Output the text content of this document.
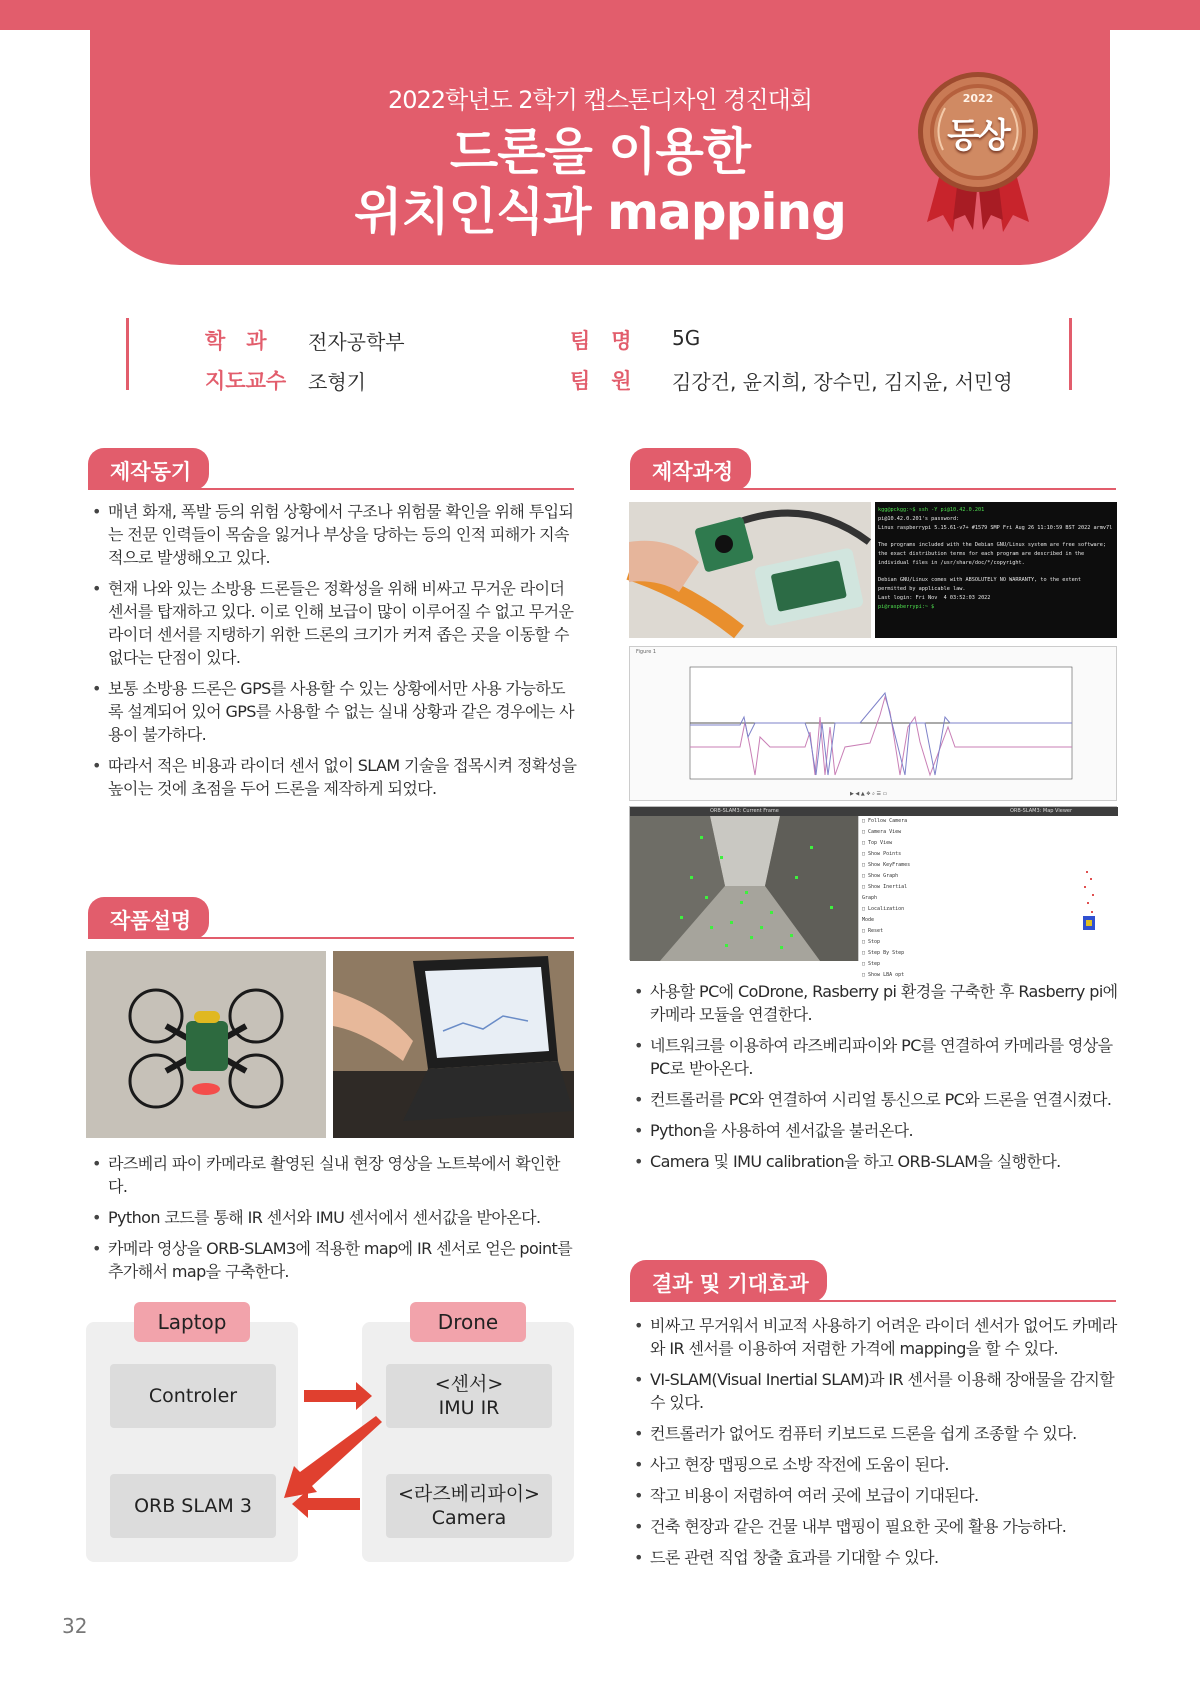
2022학년도 2학기 캡스톤디자인 경진대회
드론을 이용한
위치인식과 mapping
2022
동상
학　과 전자공학부
지도교수 조형기
팀　명 5G
팀　원 김강건, 윤지희, 장수민, 김지윤, 서민영
제작동기
• 매년 화재, 폭발 등의 위험 상황에서 구조나 위험물 확인을 위해 투입되는 전문 인력들이 목숨을 잃거나 부상을 당하는 등의 인적 피해가 지속적으로 발생해오고 있다.
• 현재 나와 있는 소방용 드론들은 정확성을 위해 비싸고 무거운 라이더 센서를 탑재하고 있다. 이로 인해 보급이 많이 이루어질 수 없고 무거운 라이더 센서를 지탱하기 위한 드론의 크기가 커져 좁은 곳을 이동할 수 없다는 단점이 있다.
• 보통 소방용 드론은 GPS를 사용할 수 있는 상황에서만 사용 가능하도록 설계되어 있어 GPS를 사용할 수 없는 실내 상황과 같은 경우에는 사용이 불가하다.
• 따라서 적은 비용과 라이더 센서 없이 SLAM 기술을 접목시켜 정확성을 높이는 것에 초점을 두어 드론을 제작하게 되었다.
제작과정
kgg@pckgg:~$ ssh -Y pi@10.42.0.201
pi@10.42.0.201's password:
Linux raspberrypi 5.15.61-v7+ #1579 SMP Fri Aug 26 11:10:59 BST 2022 armv7l

The programs included with the Debian GNU/Linux system are free software;
the exact distribution terms for each program are described in the
individual files in /usr/share/doc/*/copyright.

Debian GNU/Linux comes with ABSOLUTELY NO WARRANTY, to the extent
permitted by applicable law.
Last login: Fri Nov  4 03:52:03 2022
pi@raspberrypi:~ $
Figure 1
▶ ◀ ▲ ✥ ⌕ ☰ ▭
ORB-SLAM3: Current Frame	ORB-SLAM3: Map Viewer
□ Follow Camera
□ Camera View
□ Top View
□ Show Points
□ Show KeyFrames
□ Show Graph
□ Show Inertial Graph
□ Localization Mode
□ Reset
□ Stop
□ Step By Step
□ Step
□ Show LBA opt
• 사용할 PC에 CoDrone, Rasberry pi 환경을 구축한 후 Rasberry pi에 카메라 모듈을 연결한다.
• 네트워크를 이용하여 라즈베리파이와 PC를 연결하여 카메라를 영상을 PC로 받아온다.
• 컨트롤러를 PC와 연결하여 시리얼 통신으로 PC와 드론을 연결시켰다.
• Python을 사용하여 센서값을 불러온다.
• Camera 및 IMU calibration을 하고 ORB-SLAM을 실행한다.
작품설명
• 라즈베리 파이 카메라로 촬영된 실내 현장 영상을 노트북에서 확인한다.
• Python 코드를 통해 IR 센서와 IMU 센서에서 센서값을 받아온다.
• 카메라 영상을 ORB-SLAM3에 적용한 map에 IR 센서로 얻은 point를 추가해서 map을 구축한다.
Laptop	Drone
Controler
ORB SLAM 3
<센서>
IMU IR
<라즈베리파이>
Camera
결과 및 기대효과
• 비싸고 무거워서 비교적 사용하기 어려운 라이더 센서가 없어도 카메라와 IR 센서를 이용하여 저렴한 가격에 mapping을 할 수 있다.
• VI-SLAM(Visual Inertial SLAM)과 IR 센서를 이용해 장애물을 감지할 수 있다.
• 컨트롤러가 없어도 컴퓨터 키보드로 드론을 쉽게 조종할 수 있다.
• 사고 현장 맵핑으로 소방 작전에 도움이 된다.
• 작고 비용이 저렴하여 여러 곳에 보급이 기대된다.
• 건축 현장과 같은 건물 내부 맵핑이 필요한 곳에 활용 가능하다.
• 드론 관련 직업 창출 효과를 기대할 수 있다.
32
